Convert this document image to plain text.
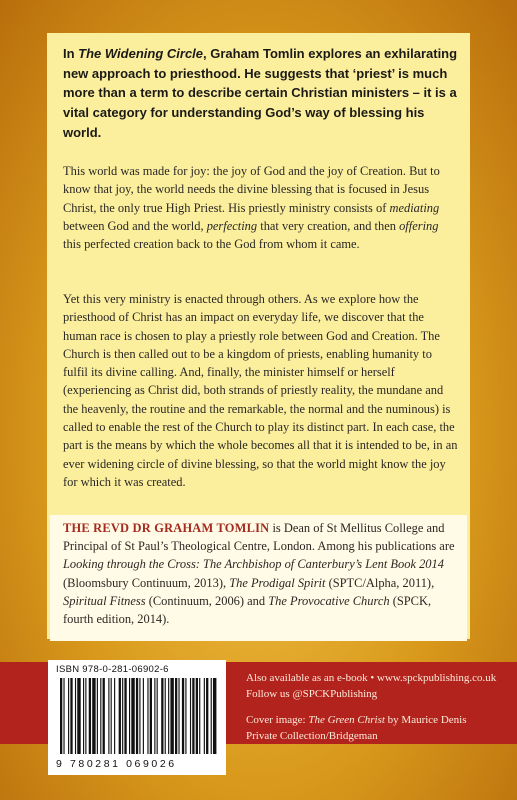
In The Widening Circle, Graham Tomlin explores an exhilarating new approach to priesthood. He suggests that ‘priest’ is much more than a term to describe certain Christian ministers – it is a vital category for understanding God’s way of blessing his world.
This world was made for joy: the joy of God and the joy of Creation. But to know that joy, the world needs the divine blessing that is focused in Jesus Christ, the only true High Priest. His priestly ministry consists of mediating between God and the world, perfecting that very creation, and then offering this perfected creation back to the God from whom it came.
Yet this very ministry is enacted through others. As we explore how the priesthood of Christ has an impact on everyday life, we discover that the human race is chosen to play a priestly role between God and Creation. The Church is then called out to be a kingdom of priests, enabling humanity to fulfil its divine calling. And, finally, the minister himself or herself (experiencing as Christ did, both strands of priestly reality, the mundane and the heavenly, the routine and the remarkable, the normal and the numinous) is called to enable the rest of the Church to play its distinct part. In each case, the part is the means by which the whole becomes all that it is intended to be, in an ever widening circle of divine blessing, so that the world might know the joy for which it was created.
THE REVD DR GRAHAM TOMLIN is Dean of St Mellitus College and Principal of St Paul’s Theological Centre, London. Among his publications are Looking through the Cross: The Archbishop of Canterbury’s Lent Book 2014 (Bloomsbury Continuum, 2013), The Prodigal Spirit (SPTC/Alpha, 2011), Spiritual Fitness (Continuum, 2006) and The Provocative Church (SPCK, fourth edition, 2014).
Also available as an e-book • www.spckpublishing.co.uk
Follow us @SPCKPublishing
Cover image: The Green Christ by Maurice Denis
Private Collection/Bridgeman
ISBN 978-0-281-06902-6
9 780281 069026
